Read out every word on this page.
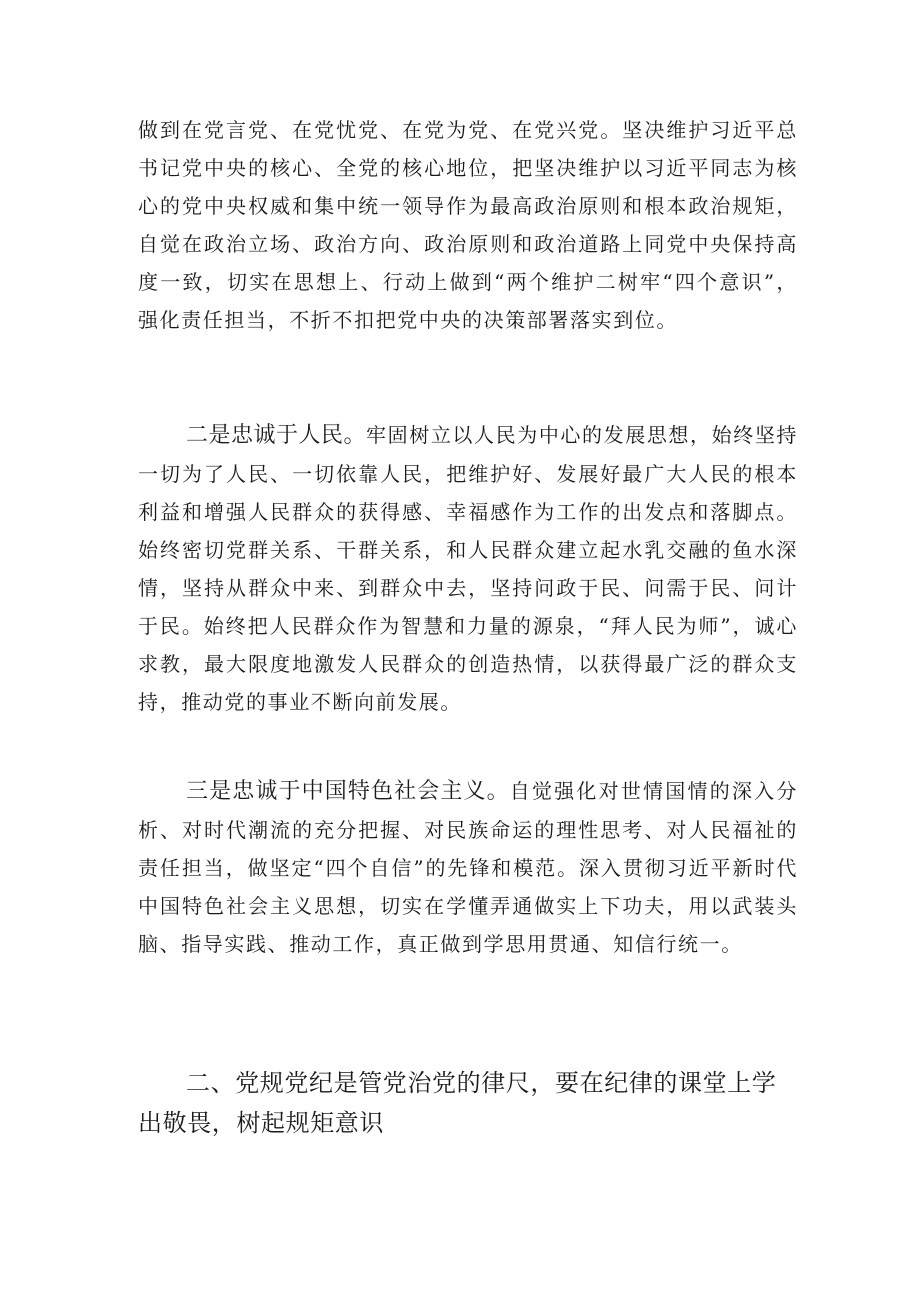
做到在党言党、在党忧党、在党为党、在党兴党。坚决维护习近平总书记党中央的核心、全党的核心地位，把坚决维护以习近平同志为核心的党中央权威和集中统一领导作为最高政治原则和根本政治规矩，自觉在政治立场、政治方向、政治原则和政治道路上同党中央保持高度一致，切实在思想上、行动上做到“两个维护二树牢“四个意识”，强化责任担当，不折不扣把党中央的决策部署落实到位。

二是忠诚于人民。牢固树立以人民为中心的发展思想，始终坚持一切为了人民、一切依靠人民，把维护好、发展好最广大人民的根本利益和增强人民群众的获得感、幸福感作为工作的出发点和落脚点。始终密切党群关系、干群关系，和人民群众建立起水乳交融的鱼水深情，坚持从群众中来、到群众中去，坚持问政于民、问需于民、问计于民。始终把人民群众作为智慧和力量的源泉，“拜人民为师”，诚心求教，最大限度地激发人民群众的创造热情，以获得最广泛的群众支持，推动党的事业不断向前发展。

三是忠诚于中国特色社会主义。自觉强化对世情国情的深入分析、对时代潮流的充分把握、对民族命运的理性思考、对人民福祉的责任担当，做坚定“四个自信”的先锋和模范。深入贯彻习近平新时代中国特色社会主义思想，切实在学懂弄通做实上下功夫，用以武装头脑、指导实践、推动工作，真正做到学思用贯通、知信行统一。

二、党规党纪是管党治党的律尺，要在纪律的课堂上学出敬畏，树起规矩意识
